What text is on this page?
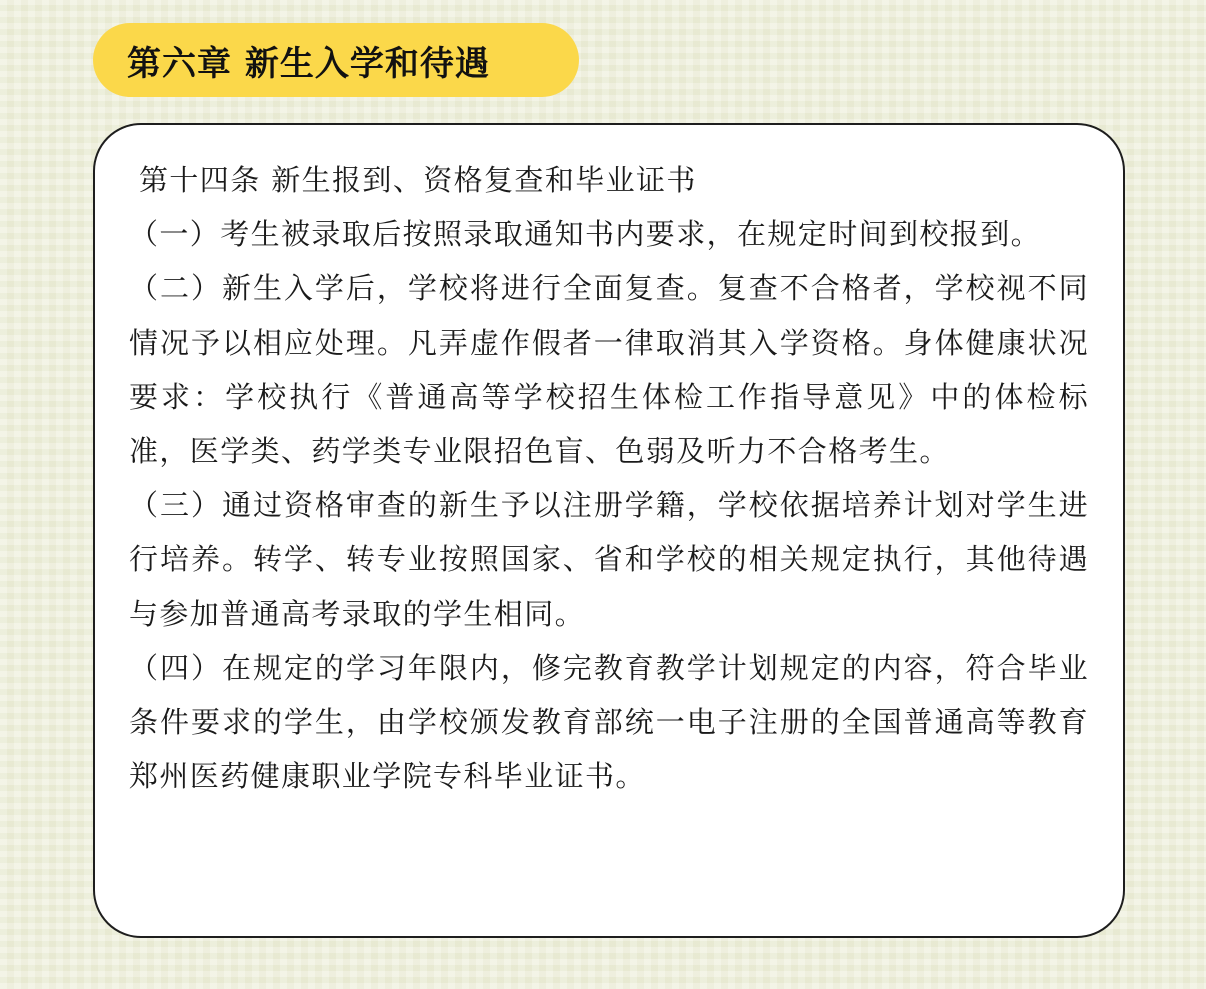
第六章 新生入学和待遇

第十四条 新生报到、资格复查和毕业证书

（一）考生被录取后按照录取通知书内要求，在规定时间到校报到。

（二）新生入学后，学校将进行全面复查。复查不合格者，学校视不同情况予以相应处理。凡弄虚作假者一律取消其入学资格。身体健康状况要求：学校执行《普通高等学校招生体检工作指导意见》中的体检标准，医学类、药学类专业限招色盲、色弱及听力不合格考生。

（三）通过资格审查的新生予以注册学籍，学校依据培养计划对学生进行培养。转学、转专业按照国家、省和学校的相关规定执行，其他待遇与参加普通高考录取的学生相同。

（四）在规定的学习年限内，修完教育教学计划规定的内容，符合毕业条件要求的学生，由学校颁发教育部统一电子注册的全国普通高等教育郑州医药健康职业学院专科毕业证书。
